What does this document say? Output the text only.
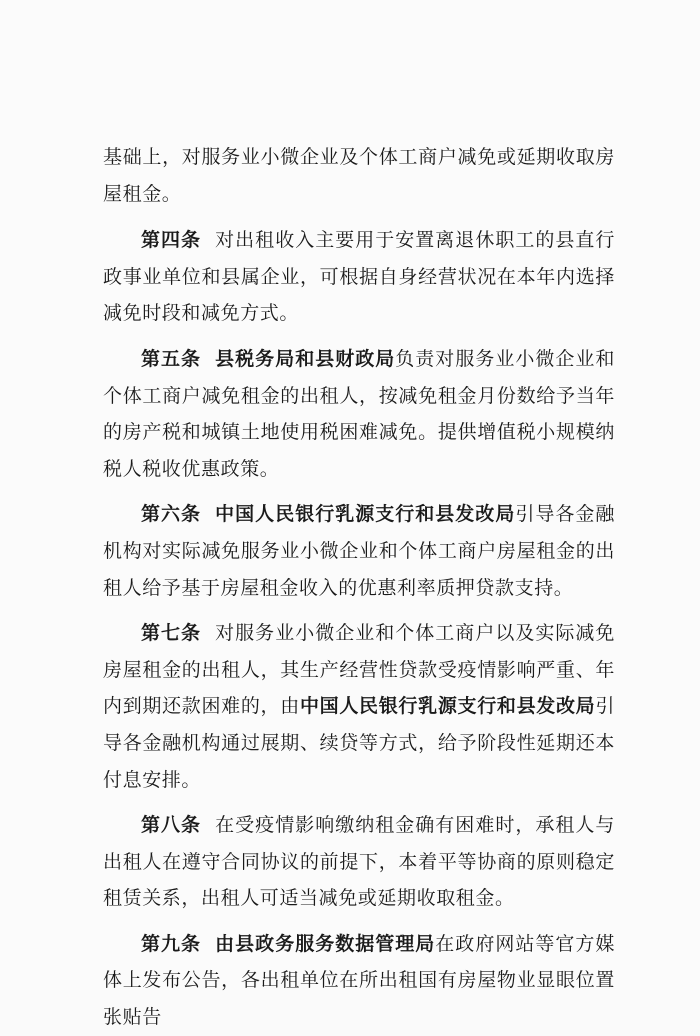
基础上，对服务业小微企业及个体工商户减免或延期收取房屋租金。

第四条 对出租收入主要用于安置离退休职工的县直行政事业单位和县属企业，可根据自身经营状况在本年内选择减免时段和减免方式。

第五条 县税务局和县财政局负责对服务业小微企业和个体工商户减免租金的出租人，按减免租金月份数给予当年的房产税和城镇土地使用税困难减免。提供增值税小规模纳税人税收优惠政策。

第六条 中国人民银行乳源支行和县发改局引导各金融机构对实际减免服务业小微企业和个体工商户房屋租金的出租人给予基于房屋租金收入的优惠利率质押贷款支持。

第七条 对服务业小微企业和个体工商户以及实际减免房屋租金的出租人，其生产经营性贷款受疫情影响严重、年内到期还款困难的，由中国人民银行乳源支行和县发改局引导各金融机构通过展期、续贷等方式，给予阶段性延期还本付息安排。

第八条 在受疫情影响缴纳租金确有困难时，承租人与出租人在遵守合同协议的前提下，本着平等协商的原则稳定租赁关系，出租人可适当减免或延期收取租金。

第九条 由县政务服务数据管理局在政府网站等官方媒体上发布公告，各出租单位在所出租国有房屋物业显眼位置张贴告
